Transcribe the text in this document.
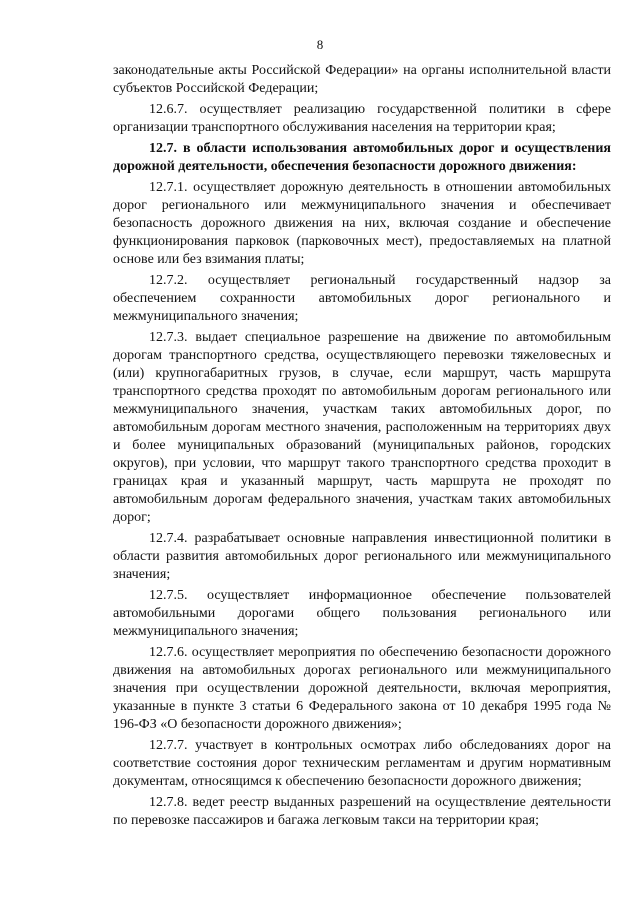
8

законодательные акты Российской Федерации» на органы исполнительной власти субъектов Российской Федерации;

12.6.7. осуществляет реализацию государственной политики в сфере организации транспортного обслуживания населения на территории края;

12.7. в области использования автомобильных дорог и осуществления дорожной деятельности, обеспечения безопасности дорожного движения:

12.7.1. осуществляет дорожную деятельность в отношении автомобильных дорог регионального или межмуниципального значения и обеспечивает безопасность дорожного движения на них, включая создание и обеспечение функционирования парковок (парковочных мест), предоставляемых на платной основе или без взимания платы;

12.7.2. осуществляет региональный государственный надзор за обеспечением сохранности автомобильных дорог регионального и межмуниципального значения;

12.7.3. выдает специальное разрешение на движение по автомобильным дорогам транспортного средства, осуществляющего перевозки тяжеловесных и (или) крупногабаритных грузов, в случае, если маршрут, часть маршрута транспортного средства проходят по автомобильным дорогам регионального или межмуниципального значения, участкам таких автомобильных дорог, по автомобильным дорогам местного значения, расположенным на территориях двух и более муниципальных образований (муниципальных районов, городских округов), при условии, что маршрут такого транспортного средства проходит в границах края и указанный маршрут, часть маршрута не проходят по автомобильным дорогам федерального значения, участкам таких автомобильных дорог;

12.7.4. разрабатывает основные направления инвестиционной политики в области развития автомобильных дорог регионального или межмуниципального значения;

12.7.5. осуществляет информационное обеспечение пользователей автомобильными дорогами общего пользования регионального или межмуниципального значения;

12.7.6. осуществляет мероприятия по обеспечению безопасности дорожного движения на автомобильных дорогах регионального или межмуниципального значения при осуществлении дорожной деятельности, включая мероприятия, указанные в пункте 3 статьи 6 Федерального закона от 10 декабря 1995 года № 196-ФЗ «О безопасности дорожного движения»;

12.7.7. участвует в контрольных осмотрах либо обследованиях дорог на соответствие состояния дорог техническим регламентам и другим нормативным документам, относящимся к обеспечению безопасности дорожного движения;

12.7.8. ведет реестр выданных разрешений на осуществление деятельности по перевозке пассажиров и багажа легковым такси на территории края;
